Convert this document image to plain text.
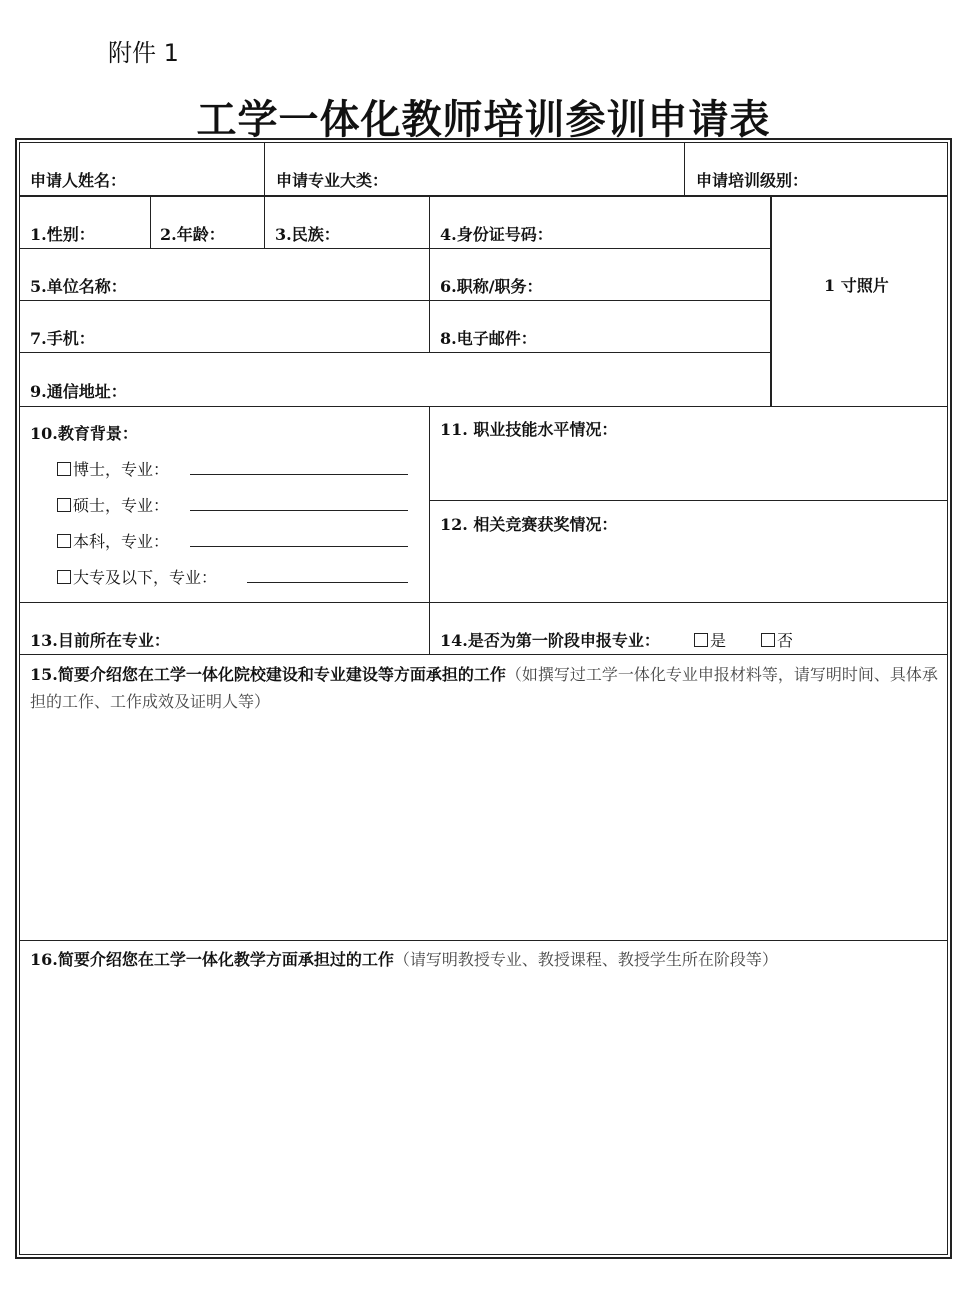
附件 1
工学一体化教师培训参训申请表
申请人姓名：	申请专业大类：	申请培训级别：
1.性别：	2.年龄：	3.民族：	4.身份证号码：
5.单位名称：	6.职称/职务：
7.手机：	8.电子邮件：
9.通信地址：
1 寸照片
10.教育背景：
博士，专业：
硕士，专业：
本科，专业：
大专及以下，专业：
11. 职业技能水平情况：
12. 相关竞赛获奖情况：
13.目前所在专业：	14.是否为第一阶段申报专业：	是	否
15.简要介绍您在工学一体化院校建设和专业建设等方面承担的工作（如撰写过工学一体化专业申报材料等，请写明时间、具体承担的工作、工作成效及证明人等）
16.简要介绍您在工学一体化教学方面承担过的工作（请写明教授专业、教授课程、教授学生所在阶段等）
